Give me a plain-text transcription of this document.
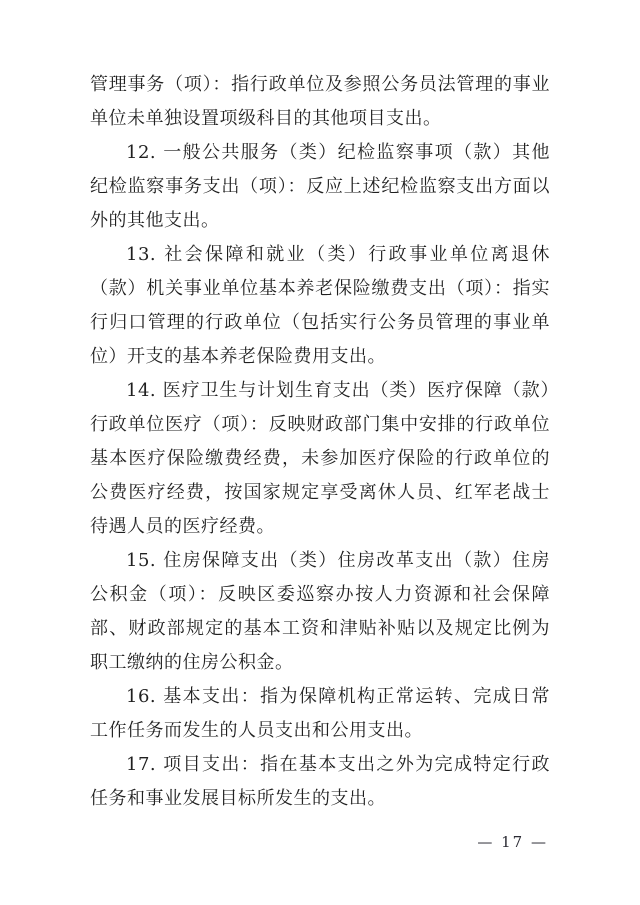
管理事务（项）：指行政单位及参照公务员法管理的事业单位未单独设置项级科目的其他项目支出。

12. 一般公共服务（类）纪检监察事项（款）其他纪检监察事务支出（项）：反应上述纪检监察支出方面以外的其他支出。

13. 社会保障和就业（类）行政事业单位离退休（款）机关事业单位基本养老保险缴费支出（项）：指实行归口管理的行政单位（包括实行公务员管理的事业单位）开支的基本养老保险费用支出。

14. 医疗卫生与计划生育支出（类）医疗保障（款）行政单位医疗（项）：反映财政部门集中安排的行政单位基本医疗保险缴费经费，未参加医疗保险的行政单位的公费医疗经费，按国家规定享受离休人员、红军老战士待遇人员的医疗经费。

15. 住房保障支出（类）住房改革支出（款）住房公积金（项）：反映区委巡察办按人力资源和社会保障部、财政部规定的基本工资和津贴补贴以及规定比例为职工缴纳的住房公积金。

16. 基本支出：指为保障机构正常运转、完成日常工作任务而发生的人员支出和公用支出。

17. 项目支出：指在基本支出之外为完成特定行政任务和事业发展目标所发生的支出。

— 17 —
